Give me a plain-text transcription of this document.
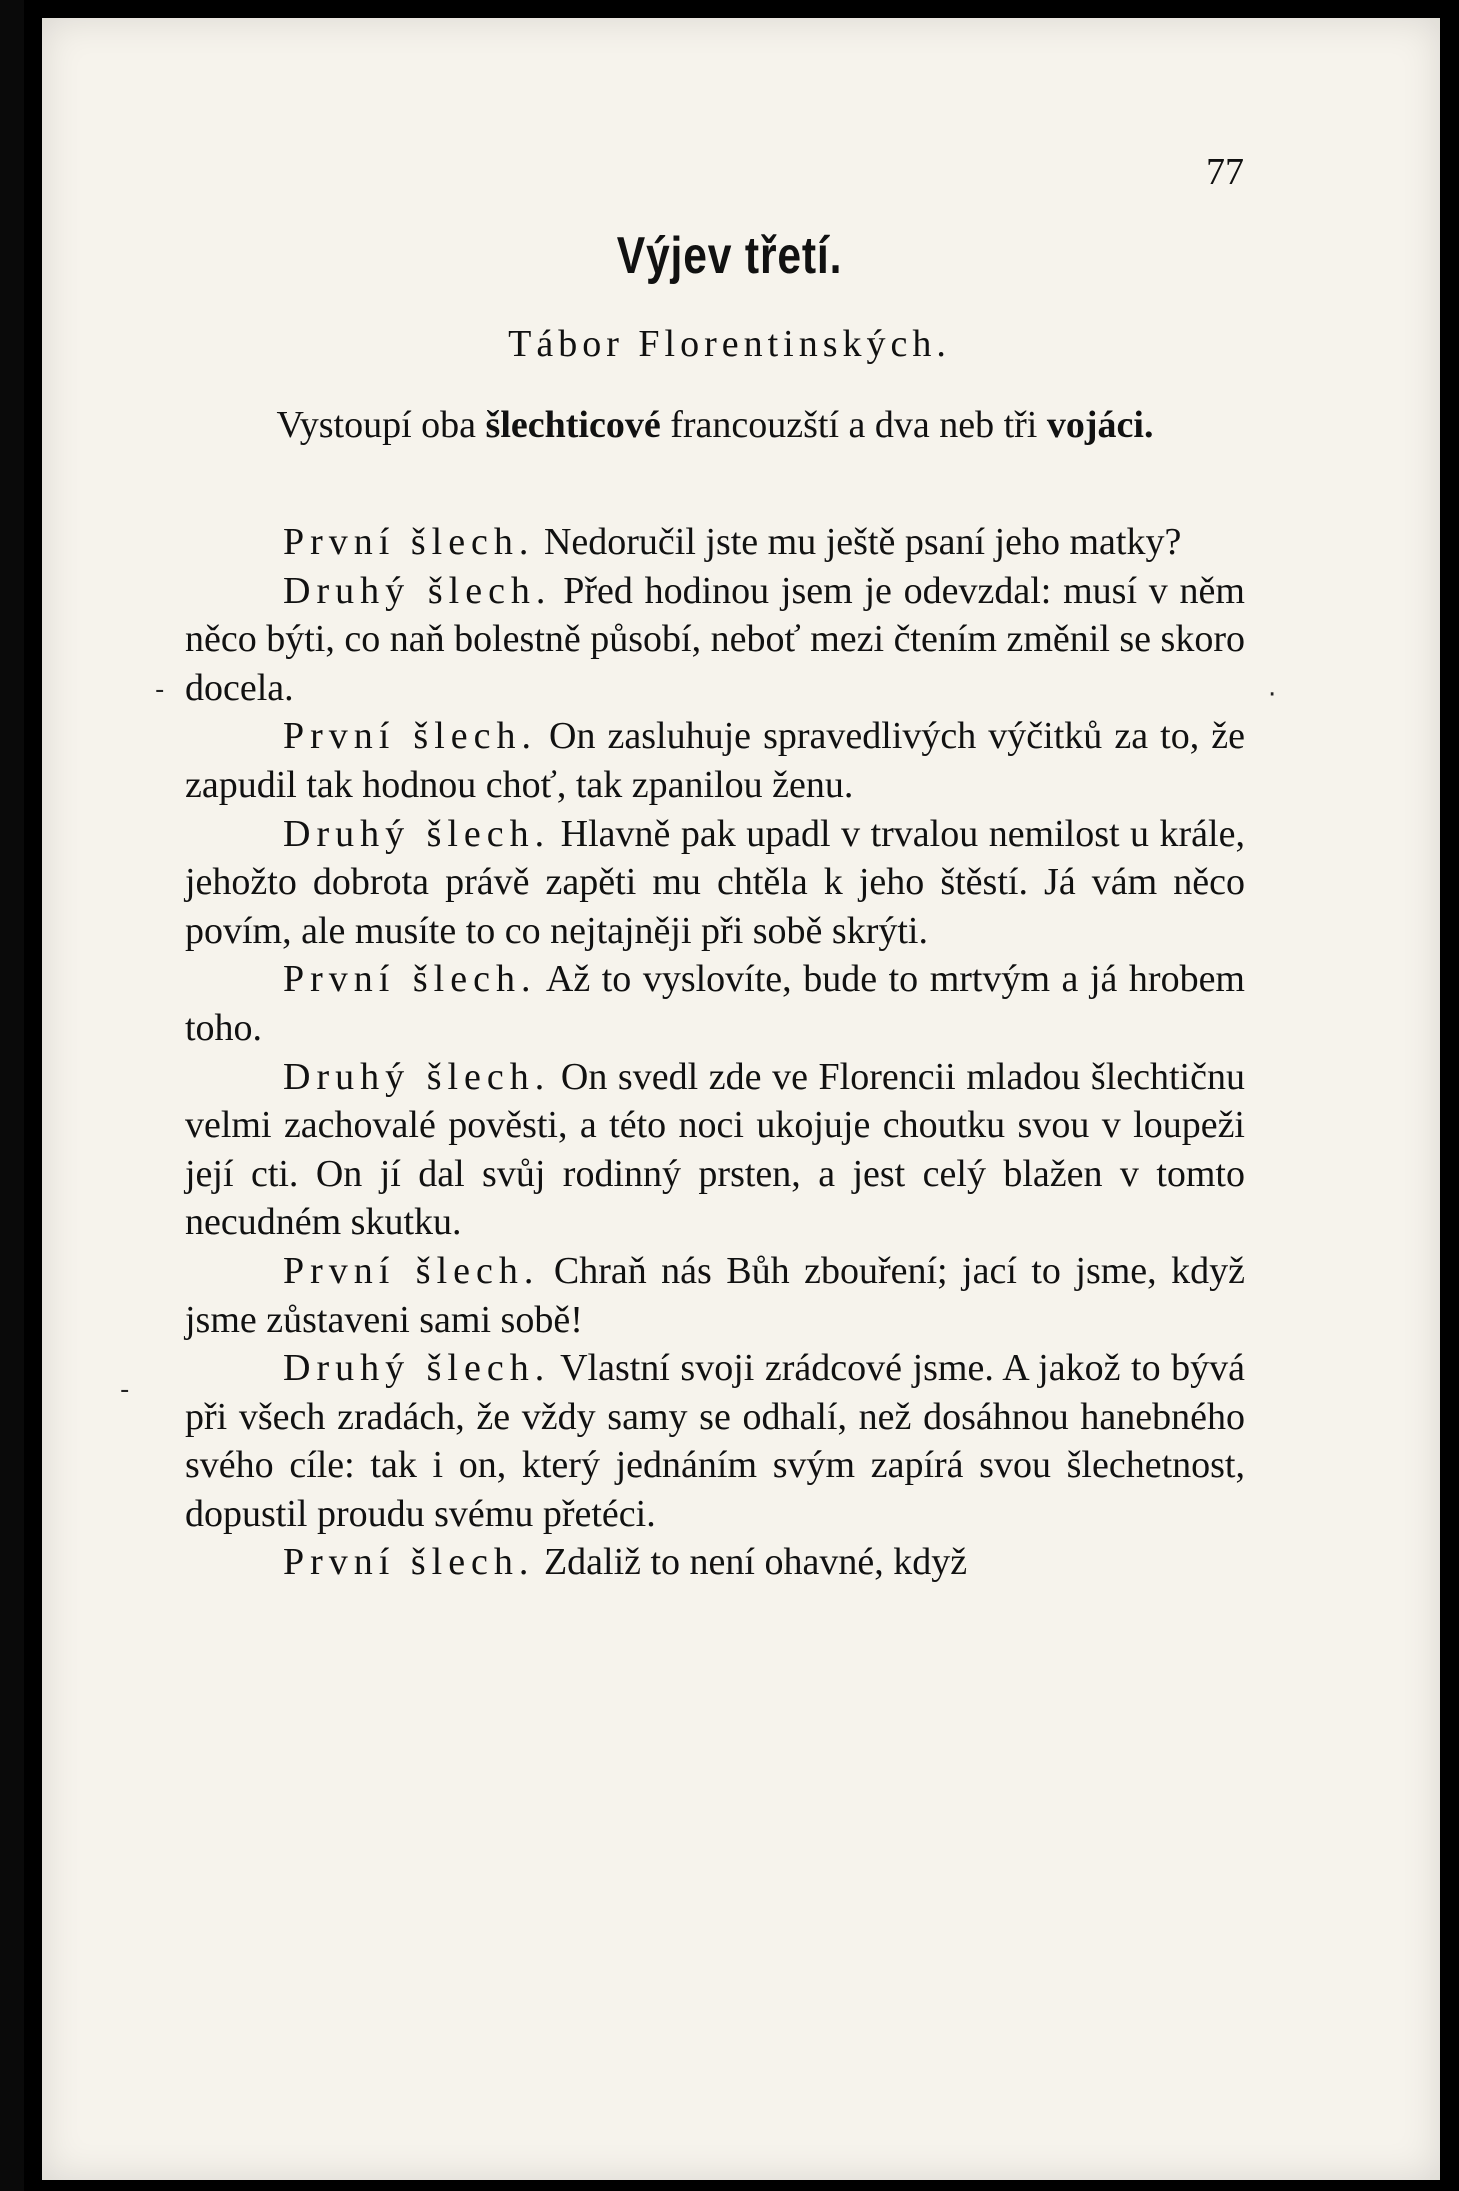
77
Výjev třetí.
Tábor Florentinských.
Vystoupí oba šlechticové francouzští a dva neb tři vojáci.

První šlech. Nedoručil jste mu ještě psaní jeho matky?

Druhý šlech. Před hodinou jsem je odevzdal: musí v něm něco býti, co naň bolestně působí, neboť mezi čtením změnil se skoro docela.

První šlech. On zasluhuje spravedlivých výčitků za to, že zapudil tak hodnou choť, tak zpanilou ženu.

Druhý šlech. Hlavně pak upadl v trvalou nemilost u krále, jehožto dobrota právě zapěti mu chtěla k jeho štěstí. Já vám něco povím, ale musíte to co nejtajněji při sobě skrýti.

První šlech. Až to vyslovíte, bude to mrtvým a já hrobem toho.

Druhý šlech. On svedl zde ve Florencii mladou šlechtičnu velmi zachovalé pověsti, a této noci ukojuje choutku svou v loupeži její cti. On jí dal svůj rodinný prsten, a jest celý blažen v tomto necudném skutku.

První šlech. Chraň nás Bůh zbouření; jací to jsme, když jsme zůstaveni sami sobě!

Druhý šlech. Vlastní svoji zrádcové jsme. A jakož to bývá při všech zradách, že vždy samy se odhalí, než dosáhnou hanebného svého cíle: tak i on, který jednáním svým zapírá svou šlechetnost, dopustil proudu svému přetéci.

První šlech. Zdaliž to není ohavné, když

-	·
-
